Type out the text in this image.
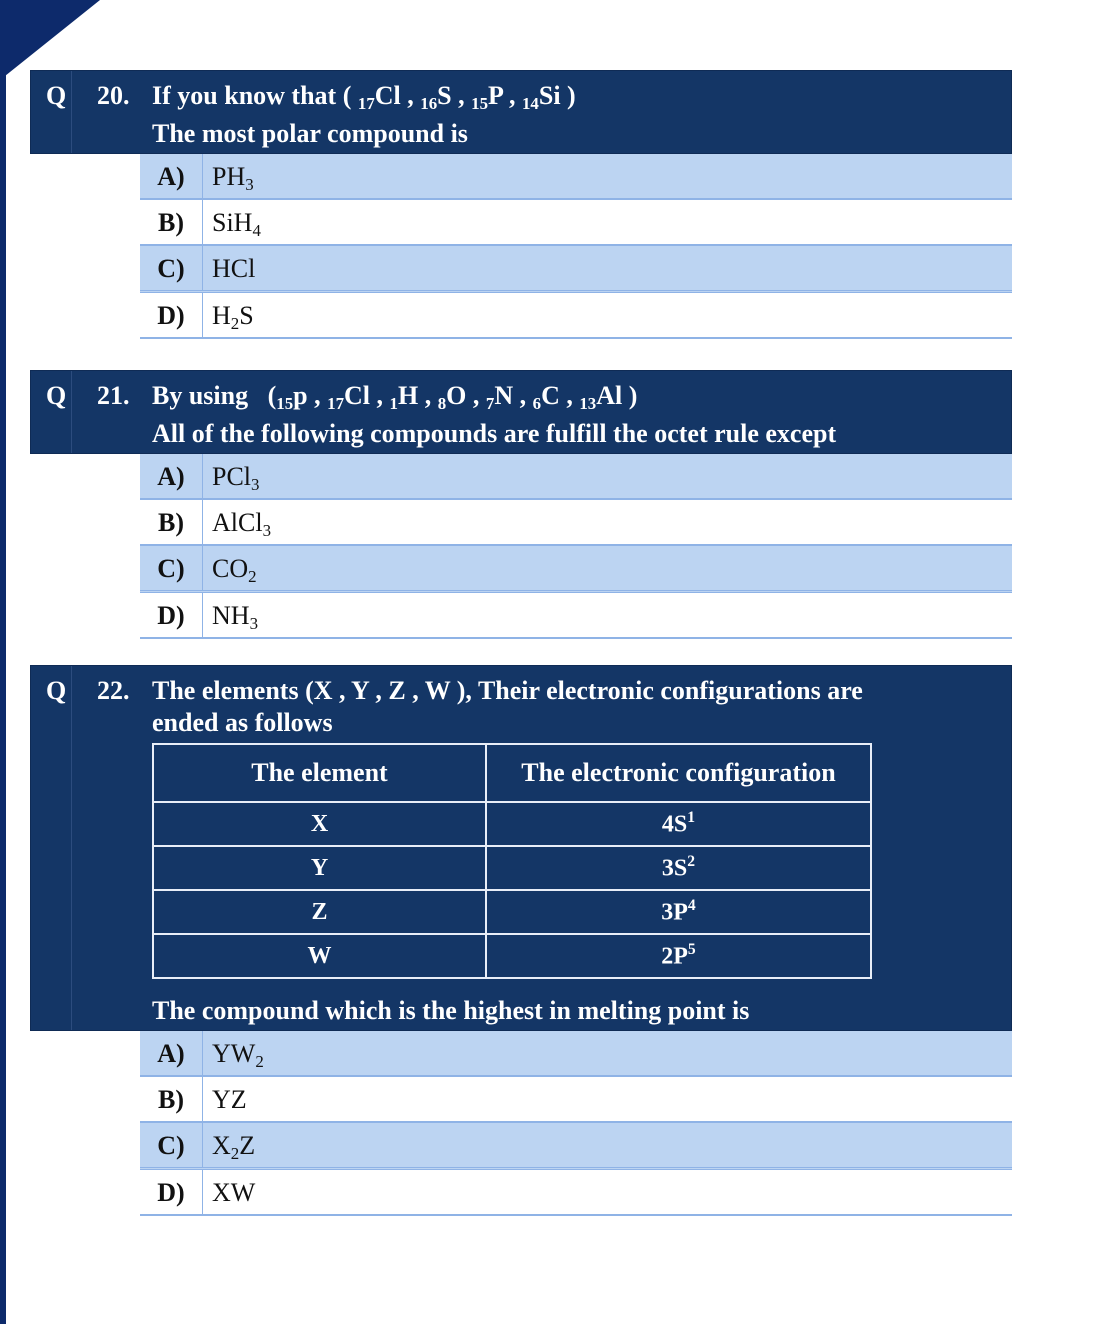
Q 20. If you know that ( $_{17}$Cl , $_{16}$S , $_{15}$P , $_{14}$Si )
The most polar compound is
A)	$PH_3$
B)	SiH$_4$
C)	HCl
D)	$H_2S$
Q 21. By using   ($_{15}p$ , $_{17}$Cl , $_1$H , $_8$O , $_7$N , $_6$C , $_{13}$Al )
All of the following compounds are fulfill the octet rule except
A)	PCl$_3$
B)	AlCl$_3$
C)	$CO_2$
D)	$NH_3$
Q 22. The elements (X , Y , Z , W ), Their electronic configurations are
ended as follows
The element	The electronic configuration
X	$4S^1$
Y	$3S^2$
Z	$3P^4$
W	$2P^5$
The compound which is the highest in melting point is
A)	$YW_2$
B)	YZ
C)	$X_2Z$
D)	XW
